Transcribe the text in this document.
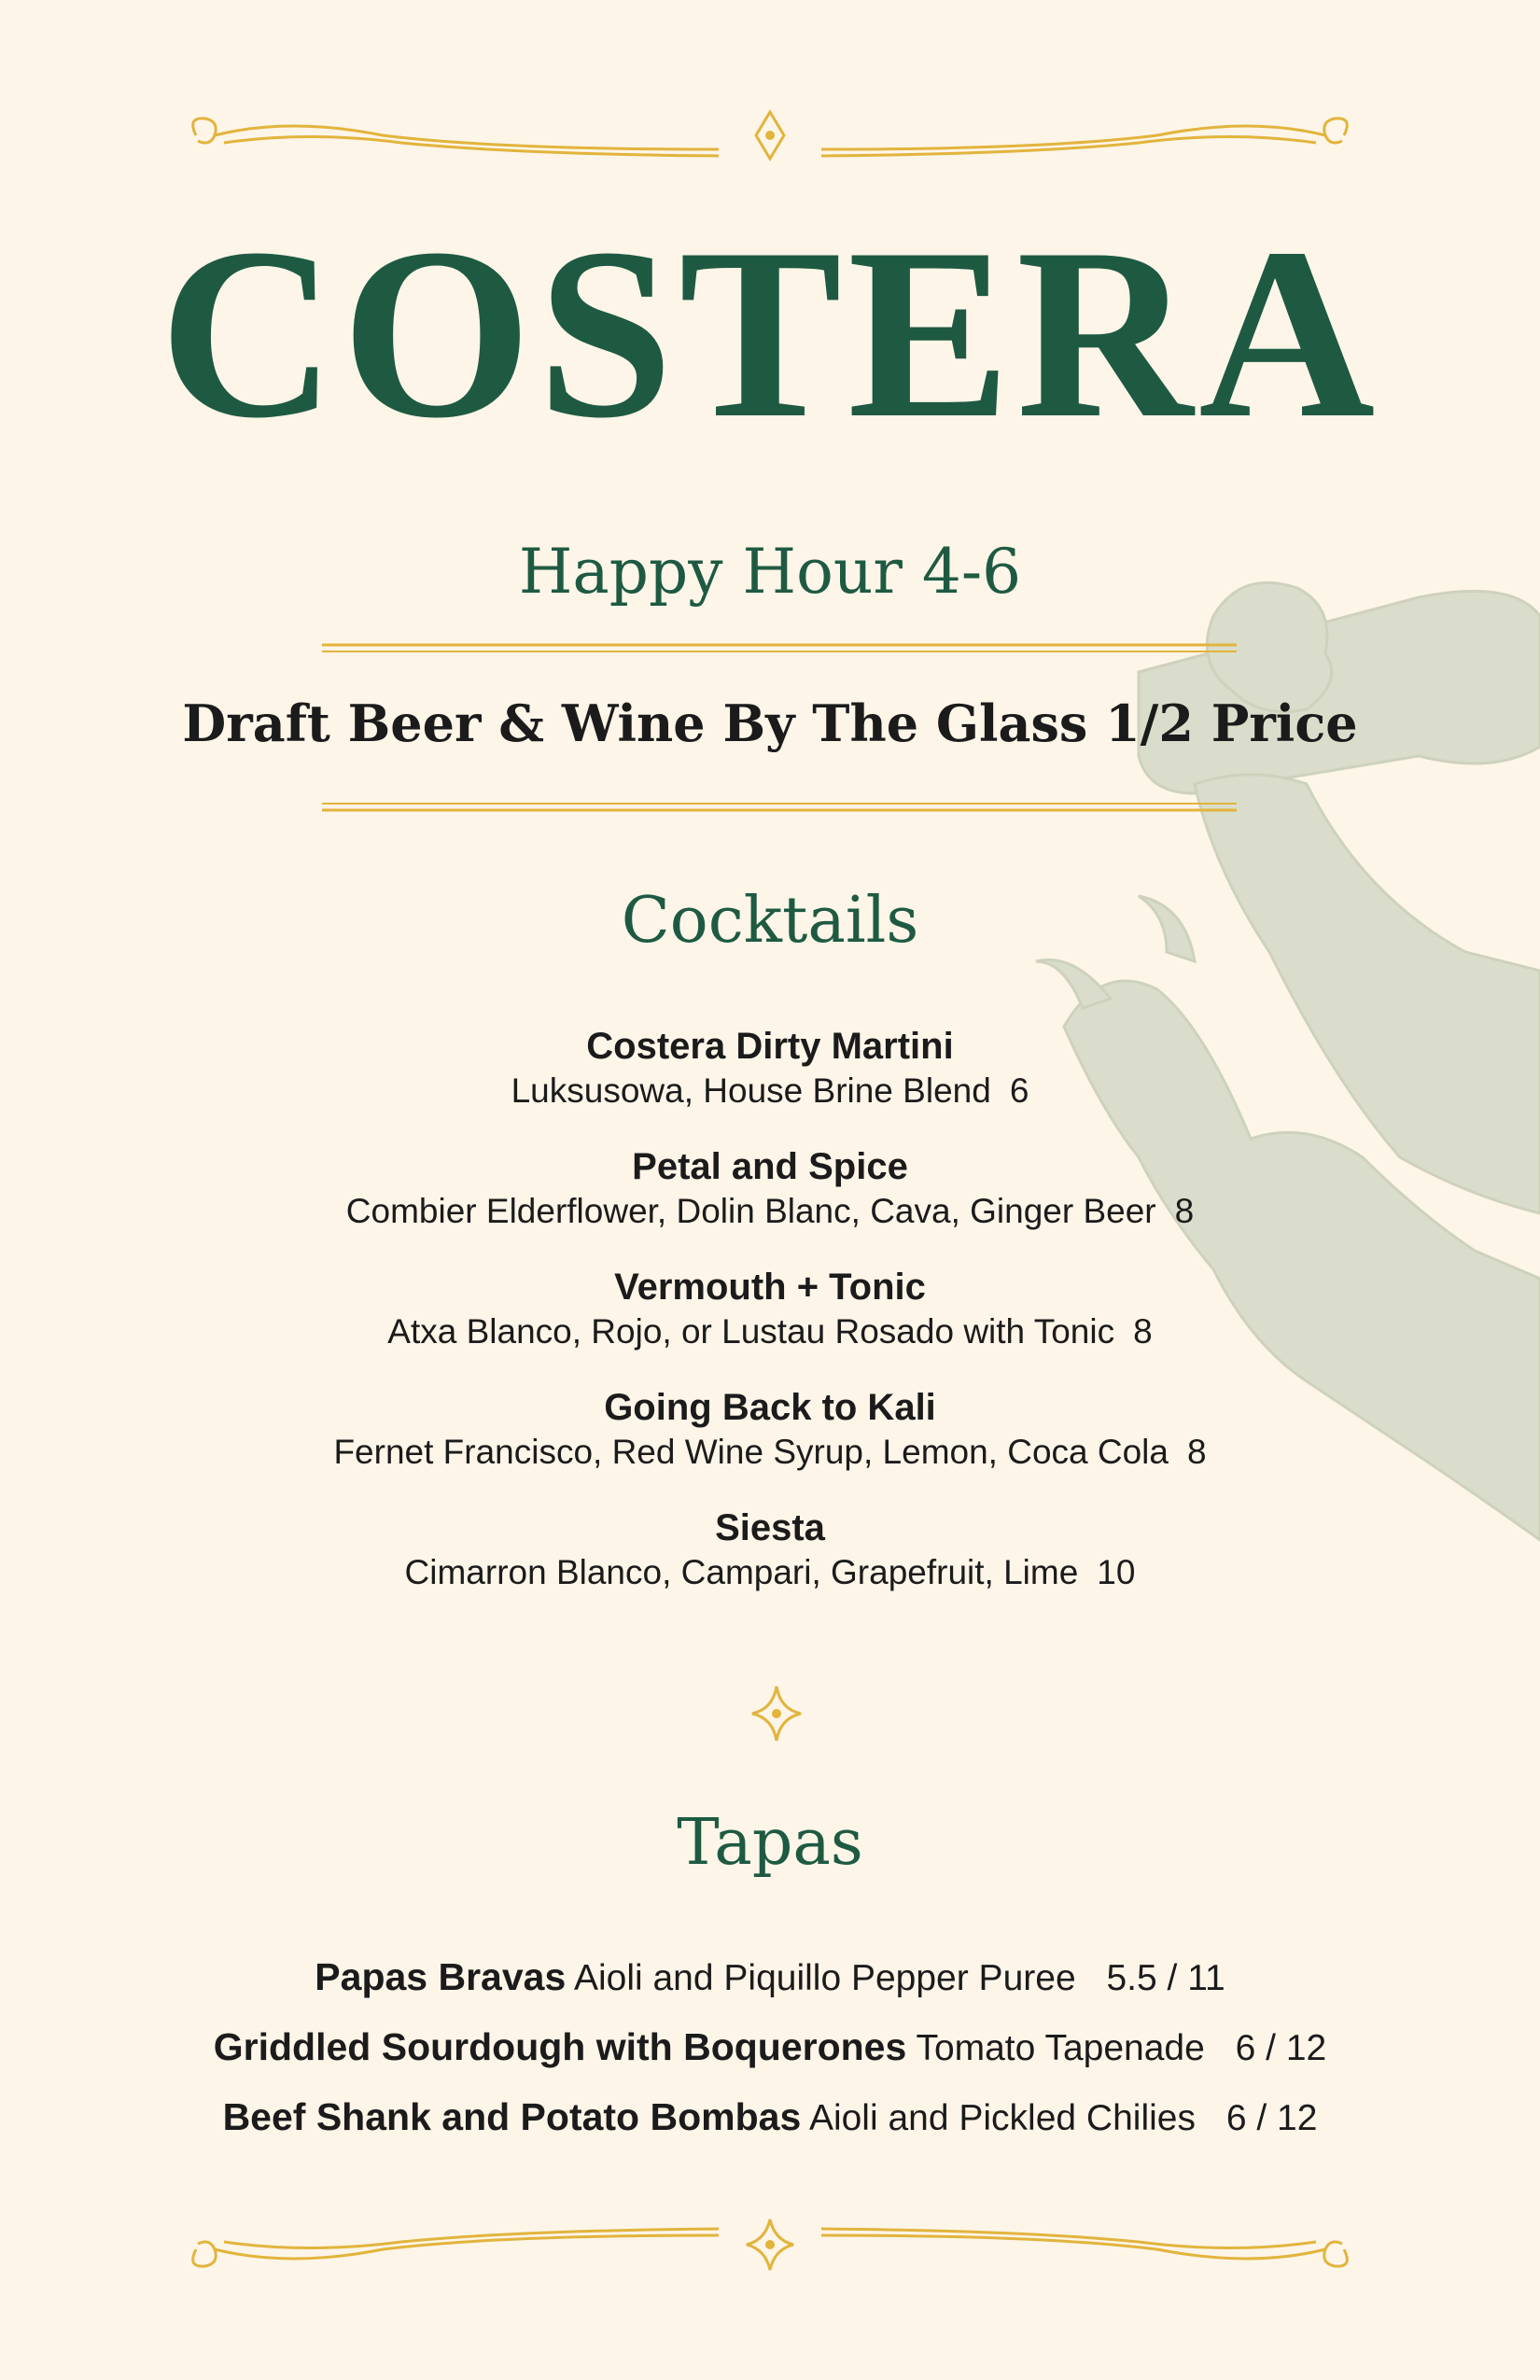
COSTERA
Happy Hour 4-6
Draft Beer & Wine By The Glass 1/2 Price
Cocktails
Costera Dirty Martini
Luksusowa, House Brine Blend 6
Petal and Spice
Combier Elderflower, Dolin Blanc, Cava, Ginger Beer 8
Vermouth + Tonic
Atxa Blanco, Rojo, or Lustau Rosado with Tonic 8
Going Back to Kali
Fernet Francisco, Red Wine Syrup, Lemon, Coca Cola 8
Siesta
Cimarron Blanco, Campari, Grapefruit, Lime 10
Tapas
Papas Bravas Aioli and Piquillo Pepper Puree 5.5 / 11
Griddled Sourdough with Boquerones Tomato Tapenade 6 / 12
Beef Shank and Potato Bombas Aioli and Pickled Chilies 6 / 12
